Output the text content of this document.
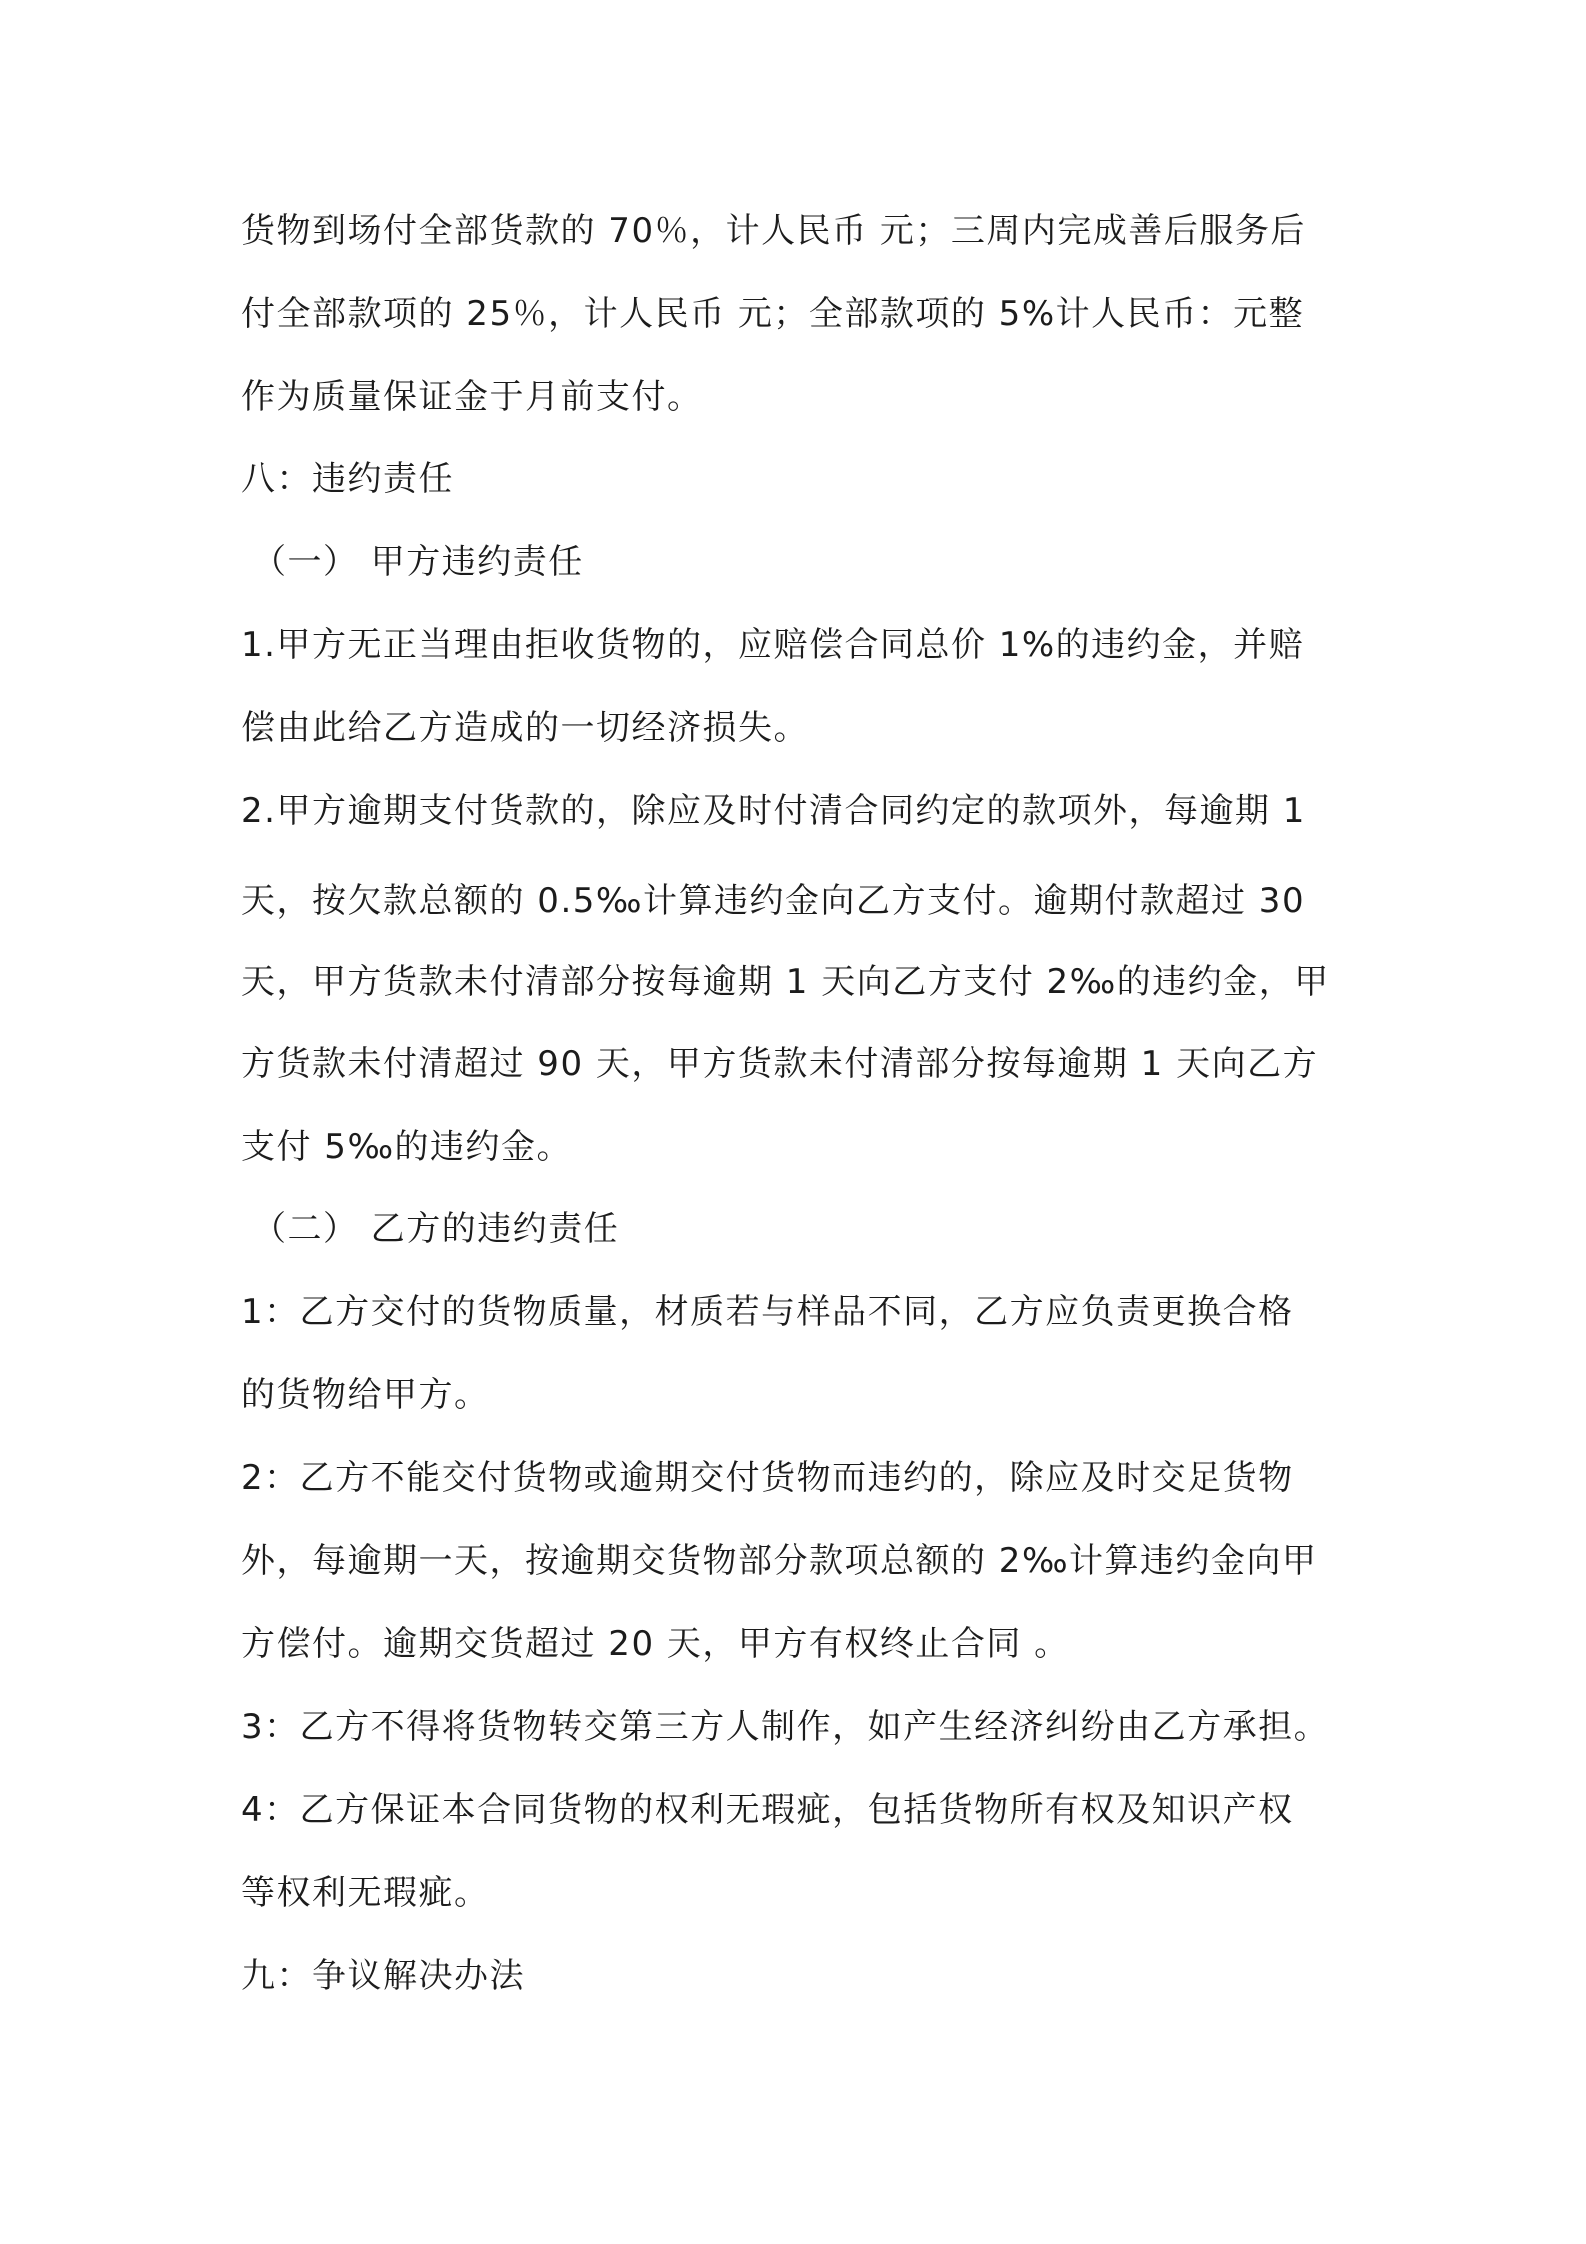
货物到场付全部货款的 70％，计人民币 元；三周内完成善后服务后

付全部款项的 25％，计人民币 元；全部款项的 5%计人民币：元整

作为质量保证金于月前支付。

八：违约责任

（一） 甲方违约责任

1.甲方无正当理由拒收货物的，应赔偿合同总价 1%的违约金，并赔

偿由此给乙方造成的一切经济损失。

2.甲方逾期支付货款的，除应及时付清合同约定的款项外，每逾期 1

天，按欠款总额的 0.5‰计算违约金向乙方支付。逾期付款超过 30

天，甲方货款未付清部分按每逾期 1 天向乙方支付 2‰的违约金，甲

方货款未付清超过 90 天，甲方货款未付清部分按每逾期 1 天向乙方

支付 5‰的违约金。

（二） 乙方的违约责任

1：乙方交付的货物质量，材质若与样品不同，乙方应负责更换合格

的货物给甲方。

2：乙方不能交付货物或逾期交付货物而违约的，除应及时交足货物

外，每逾期一天，按逾期交货物部分款项总额的 2‰计算违约金向甲

方偿付。逾期交货超过 20 天，甲方有权终止合同 。

3：乙方不得将货物转交第三方人制作，如产生经济纠纷由乙方承担。

4：乙方保证本合同货物的权利无瑕疵，包括货物所有权及知识产权

等权利无瑕疵。

九：争议解决办法
